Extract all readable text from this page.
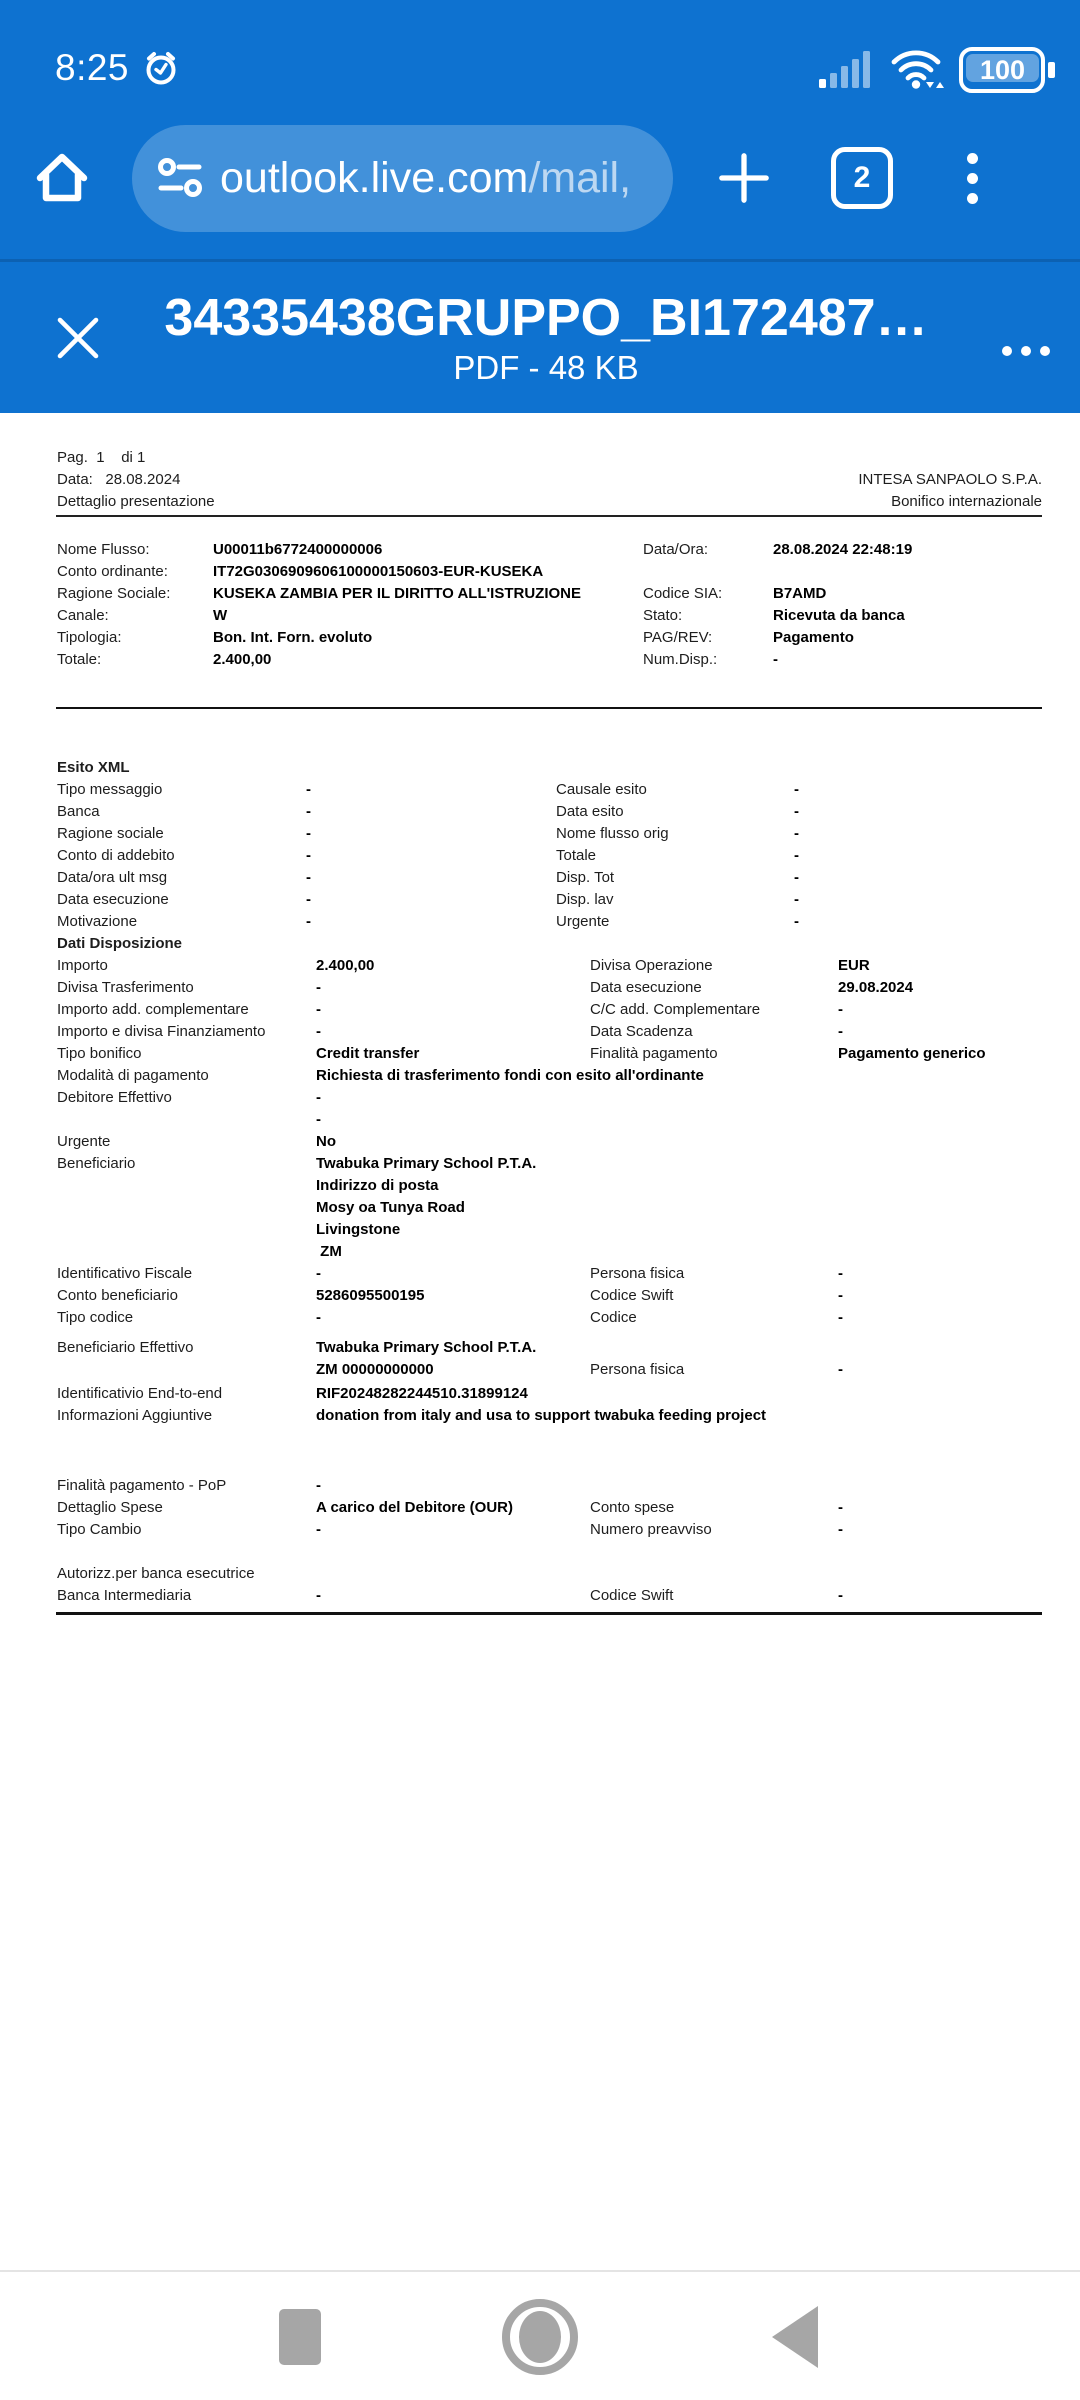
8:25	100
outlook.live.com/mail,	2
34335438GRUPPO_BI172487…
PDF - 48 KB
Pag.  1    di 1
Data:   28.08.2024	INTESA SANPAOLO S.P.A.
Dettaglio presentazione	Bonifico internazionale
Nome Flusso:	U00011b6772400000006	Data/Ora:	28.08.2024 22:48:19
Conto ordinante:	IT72G0306909606100000150603-EUR-KUSEKA
Ragione Sociale:	KUSEKA ZAMBIA PER IL DIRITTO ALL'ISTRUZIONE	Codice SIA:	B7AMD
Canale:	W	Stato:	Ricevuta da banca
Tipologia:	Bon. Int. Forn. evoluto	PAG/REV:	Pagamento
Totale:	2.400,00	Num.Disp.:	-
Esito XML
Tipo messaggio	-	Causale esito	-
Banca	-	Data esito	-
Ragione sociale	-	Nome flusso orig	-
Conto di addebito	-	Totale	-
Data/ora ult msg	-	Disp. Tot	-
Data esecuzione	-	Disp. lav	-
Motivazione	-	Urgente	-
Dati Disposizione
Importo	2.400,00	Divisa Operazione	EUR
Divisa Trasferimento	-	Data esecuzione	29.08.2024
Importo add. complementare	-	C/C add. Complementare	-
Importo e divisa Finanziamento	-	Data Scadenza	-
Tipo bonifico	Credit transfer	Finalità pagamento	Pagamento generico
Modalità di pagamento	Richiesta di trasferimento fondi con esito all'ordinante
Debitore Effettivo	-
-
Urgente	No
Beneficiario	Twabuka Primary School P.T.A.
Indirizzo di posta
Mosy oa Tunya Road
Livingstone
ZM
Identificativo Fiscale	-	Persona fisica	-
Conto beneficiario	5286095500195	Codice Swift	-
Tipo codice	-	Codice	-
Beneficiario Effettivo	Twabuka Primary School P.T.A.
ZM 00000000000	Persona fisica	-
Identificativio End-to-end	RIF20248282244510.31899124
Informazioni Aggiuntive	donation from italy and usa to support twabuka feeding project
Finalità pagamento - PoP	-
Dettaglio Spese	A carico del Debitore (OUR)	Conto spese	-
Tipo Cambio	-	Numero preavviso	-
Autorizz.per banca esecutrice
Banca Intermediaria	-	Codice Swift	-
